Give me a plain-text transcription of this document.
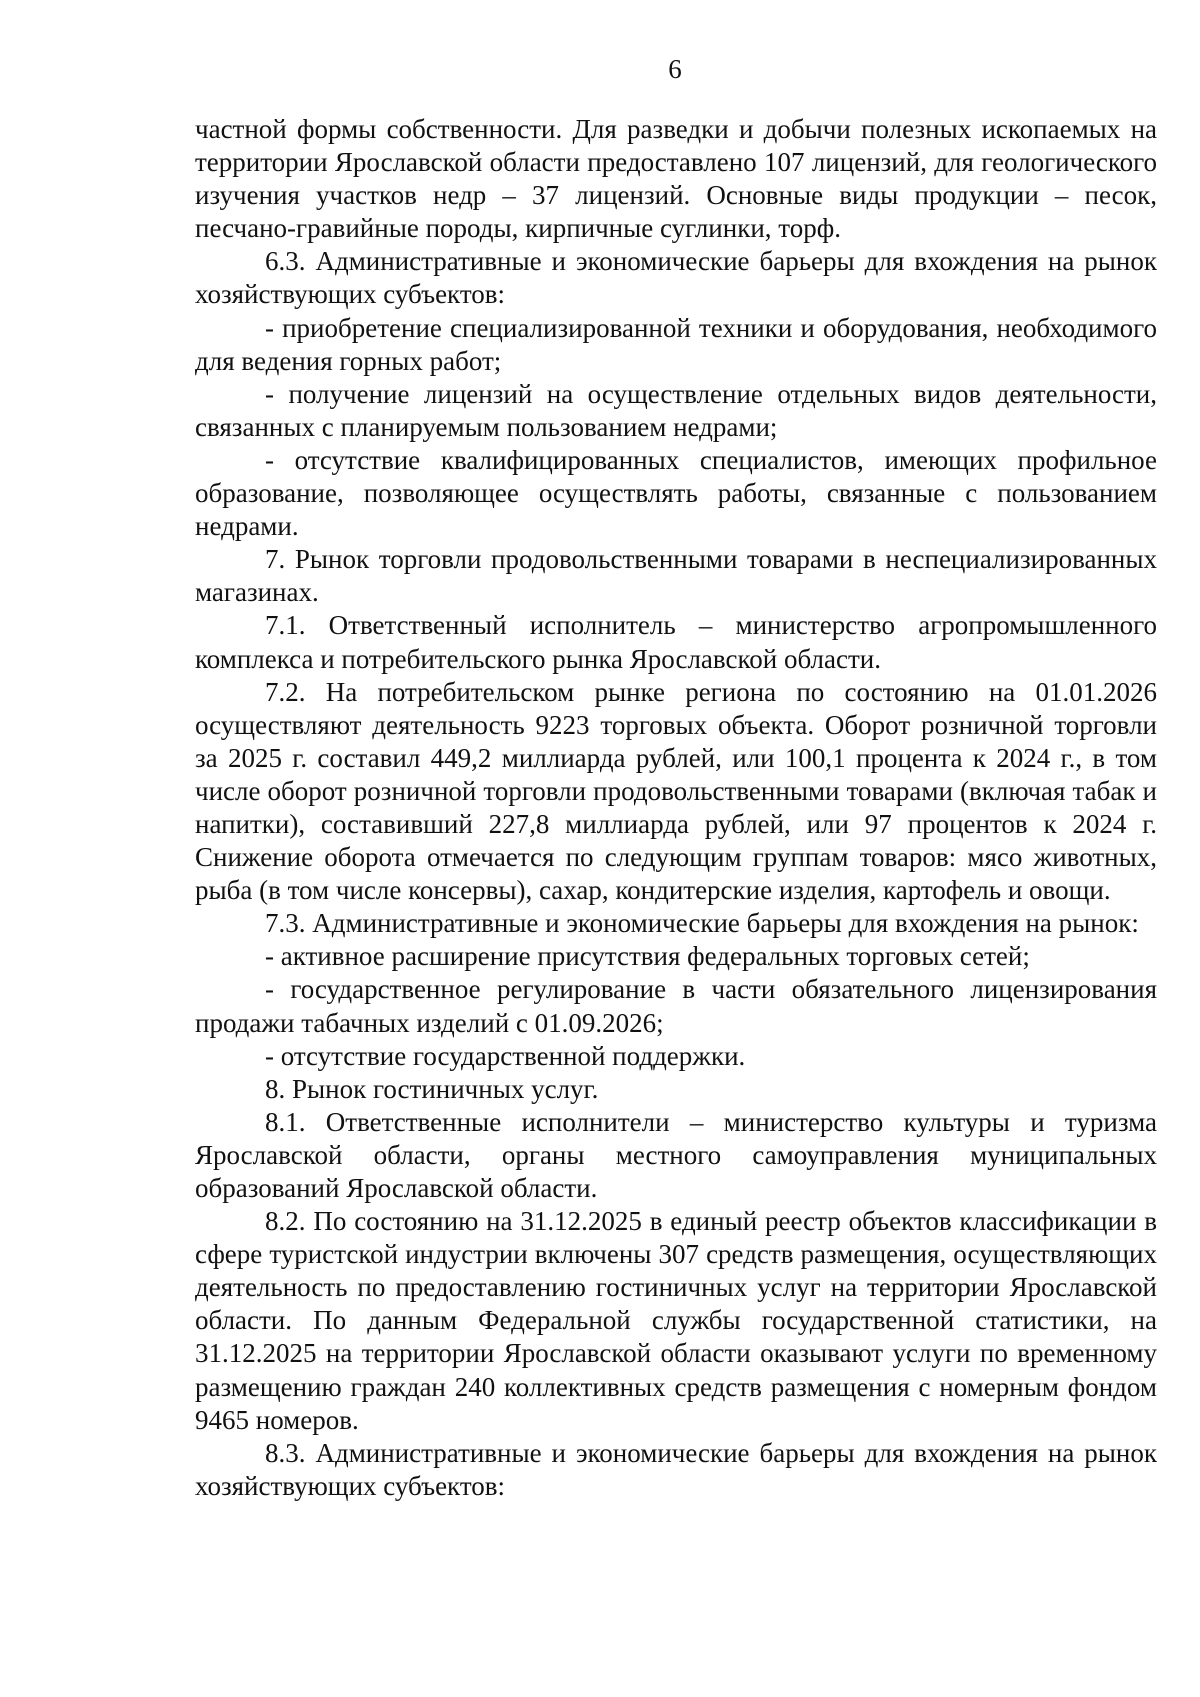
6

частной формы собственности. Для разведки и добычи полезных ископаемых на территории Ярославской области предоставлено 107 лицензий, для геологического изучения участков недр – 37 лицензий. Основные виды продукции – песок, песчано-гравийные породы, кирпичные суглинки, торф.

6.3. Административные и экономические барьеры для вхождения на рынок хозяйствующих субъектов:

- приобретение специализированной техники и оборудования, необходимого для ведения горных работ;

- получение лицензий на осуществление отдельных видов деятельности, связанных с планируемым пользованием недрами;

- отсутствие квалифицированных специалистов, имеющих профильное образование, позволяющее осуществлять работы, связанные с пользованием недрами.

7. Рынок торговли продовольственными товарами в неспециализированных магазинах.

7.1. Ответственный исполнитель – министерство агропромышленного комплекса и потребительского рынка Ярославской области.

7.2. На потребительском рынке региона по состоянию на 01.01.2026 осуществляют деятельность 9223 торговых объекта. Оборот розничной торговли за 2025 г. составил 449,2 миллиарда рублей, или 100,1 процента к 2024 г., в том числе оборот розничной торговли продовольственными товарами (включая табак и напитки), составивший 227,8 миллиарда рублей, или 97 процентов к 2024 г. Снижение оборота отмечается по следующим группам товаров: мясо животных, рыба (в том числе консервы), сахар, кондитерские изделия, картофель и овощи.

7.3. Административные и экономические барьеры для вхождения на рынок:

- активное расширение присутствия федеральных торговых сетей;

- государственное регулирование в части обязательного лицензирования продажи табачных изделий с 01.09.2026;

- отсутствие государственной поддержки.

8. Рынок гостиничных услуг.

8.1. Ответственные исполнители – министерство культуры и туризма Ярославской области, органы местного самоуправления муниципальных образований Ярославской области.

8.2. По состоянию на 31.12.2025 в единый реестр объектов классификации в сфере туристской индустрии включены 307 средств размещения, осуществляющих деятельность по предоставлению гостиничных услуг на территории Ярославской области. По данным Федеральной службы государственной статистики, на 31.12.2025 на территории Ярославской области оказывают услуги по временному размещению граждан 240 коллективных средств размещения с номерным фондом 9465 номеров.

8.3. Административные и экономические барьеры для вхождения на рынок хозяйствующих субъектов:
